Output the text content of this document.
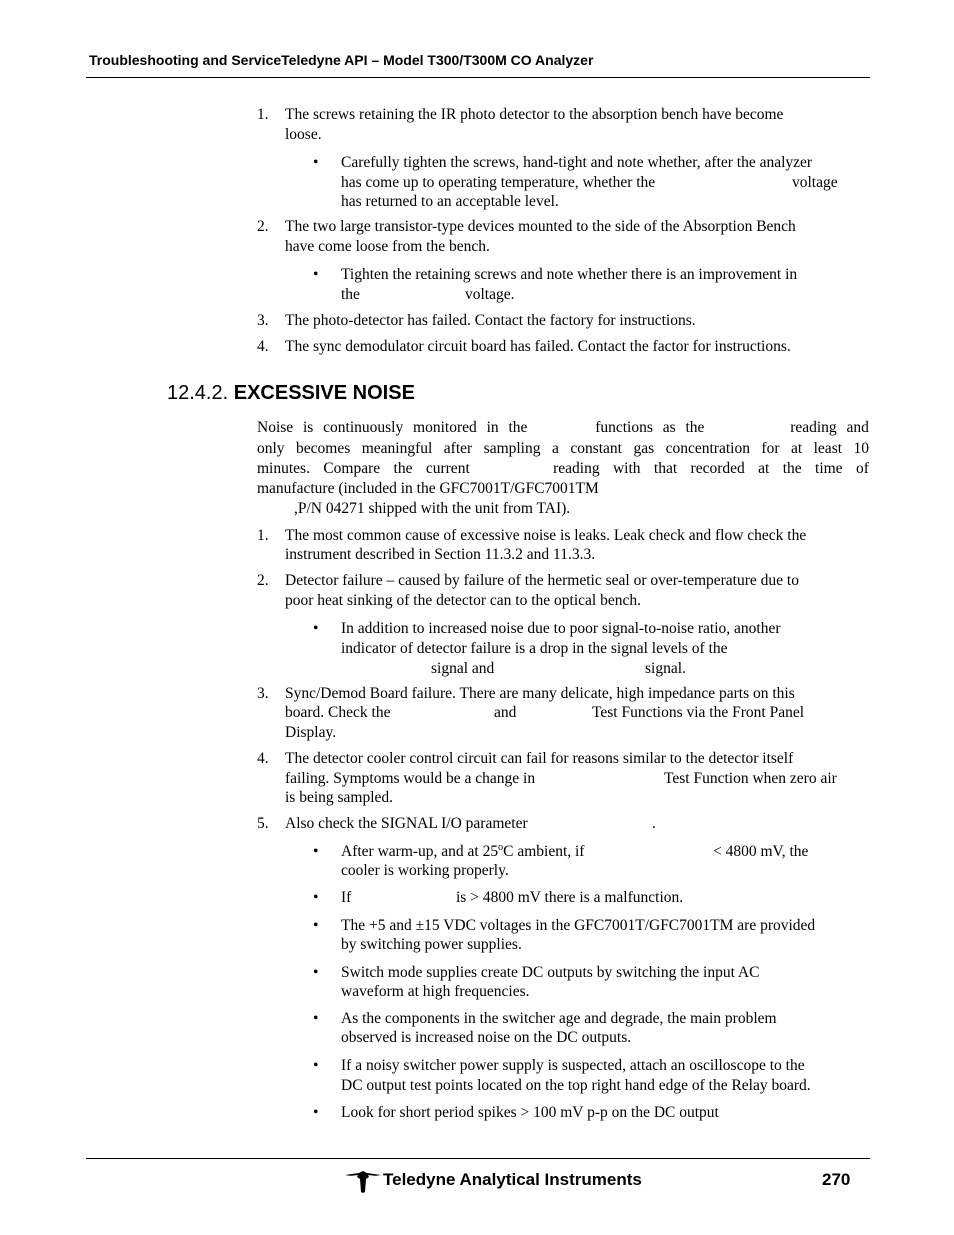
Troubleshooting and ServiceTeledyne API – Model T300/T300M CO Analyzer
1. The screws retaining the IR photo detector to the absorption bench have become
loose.
• Carefully tighten the screws, hand-tight and note whether, after the analyzer
has come up to operating temperature, whether the	voltage
has returned to an acceptable level.
2. The two large transistor-type devices mounted to the side of the Absorption Bench
have come loose from the bench.
• Tighten the retaining screws and note whether there is an improvement in
the	voltage.
3. The photo-detector has failed. Contact the factory for instructions.
4. The sync demodulator circuit board has failed. Contact the factor for instructions.
12.4.2. EXCESSIVE NOISE
Noise is continuously monitored in the	functions as the	reading and
only becomes meaningful after sampling a constant gas concentration for at least 10
minutes. Compare the current	reading with that recorded at the time of
manufacture (included in the GFC7001T/GFC7001TM
,P/N 04271 shipped with the unit from TAI).
1. The most common cause of excessive noise is leaks. Leak check and flow check the
instrument described in Section 11.3.2 and 11.3.3.
2. Detector failure – caused by failure of the hermetic seal or over-temperature due to
poor heat sinking of the detector can to the optical bench.
• In addition to increased noise due to poor signal-to-noise ratio, another
indicator of detector failure is a drop in the signal levels of the
signal and	signal.
3. Sync/Demod Board failure. There are many delicate, high impedance parts on this
board. Check the	and	Test Functions via the Front Panel
Display.
4. The detector cooler control circuit can fail for reasons similar to the detector itself
failing. Symptoms would be a change in	Test Function when zero air
is being sampled.
5. Also check the SIGNAL I/O parameter	.
• After warm-up, and at 25$^o$C ambient, if	< 4800 mV, the
cooler is working properly.
• If	is > 4800 mV there is a malfunction.
• The +5 and ±15 VDC voltages in the GFC7001T/GFC7001TM are provided
by switching power supplies.
• Switch mode supplies create DC outputs by switching the input AC
waveform at high frequencies.
• As the components in the switcher age and degrade, the main problem
observed is increased noise on the DC outputs.
• If a noisy switcher power supply is suspected, attach an oscilloscope to the
DC output test points located on the top right hand edge of the Relay board.
• Look for short period spikes > 100 mV p-p on the DC output
Teledyne Analytical Instruments	270
